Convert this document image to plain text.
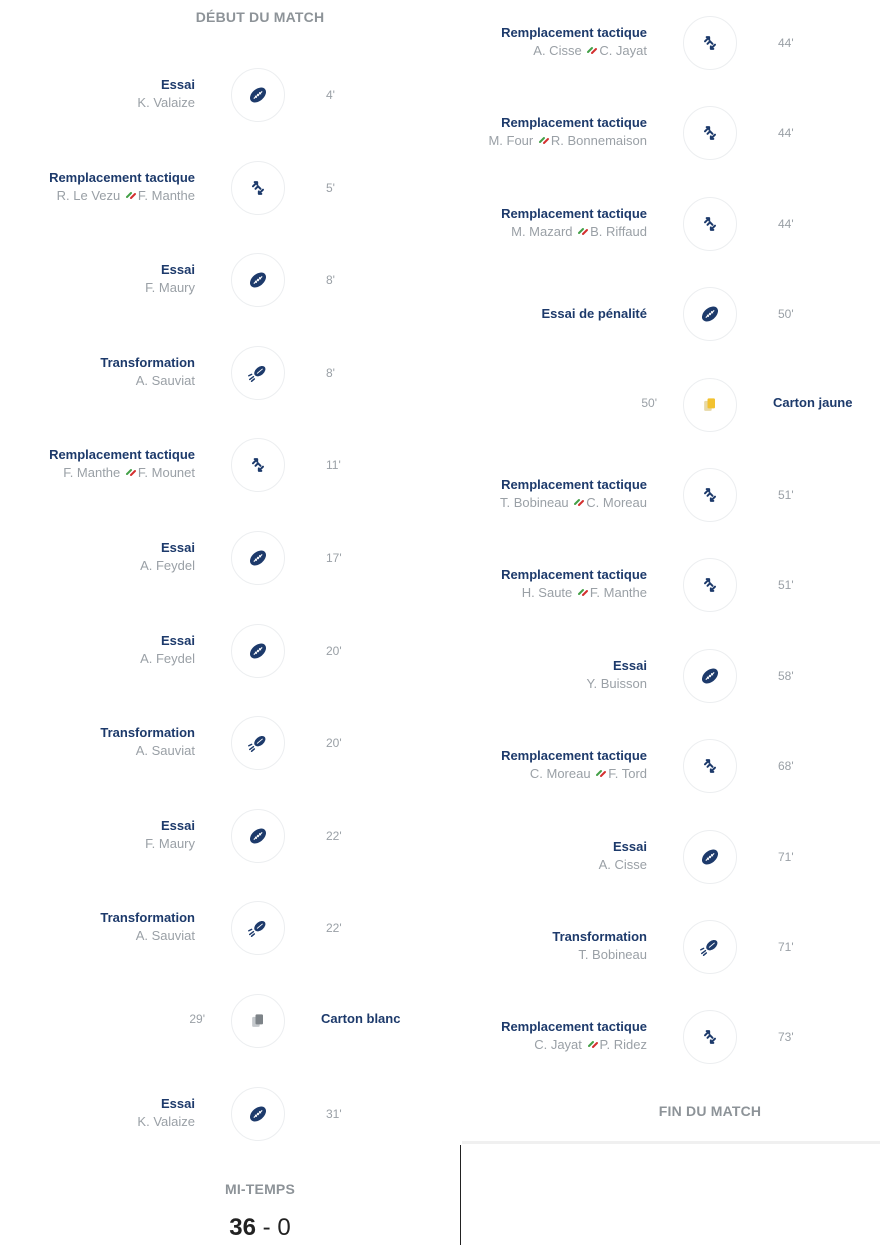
DÉBUT DU MATCH
Essai
K. Valaize	4'
Remplacement tactique
R. Le Vezu F. Manthe	5'
Essai
F. Maury	8'
Transformation
A. Sauviat	8'
Remplacement tactique
F. Manthe F. Mounet	11'
Essai
A. Feydel	17'
Essai
A. Feydel	20'
Transformation
A. Sauviat	20'
Essai
F. Maury	22'
Transformation
A. Sauviat	22'
29'	Carton blanc
Essai
K. Valaize	31'
MI-TEMPS
36 - 0
Remplacement tactique
A. Cisse C. Jayat	44'
Remplacement tactique
M. Four R. Bonnemaison	44'
Remplacement tactique
M. Mazard B. Riffaud	44'
Essai de pénalité	50'
50'	Carton jaune
Remplacement tactique
T. Bobineau C. Moreau	51'
Remplacement tactique
H. Saute F. Manthe	51'
Essai
Y. Buisson	58'
Remplacement tactique
C. Moreau F. Tord	68'
Essai
A. Cisse	71'
Transformation
T. Bobineau	71'
Remplacement tactique
C. Jayat P. Ridez	73'
FIN DU MATCH
